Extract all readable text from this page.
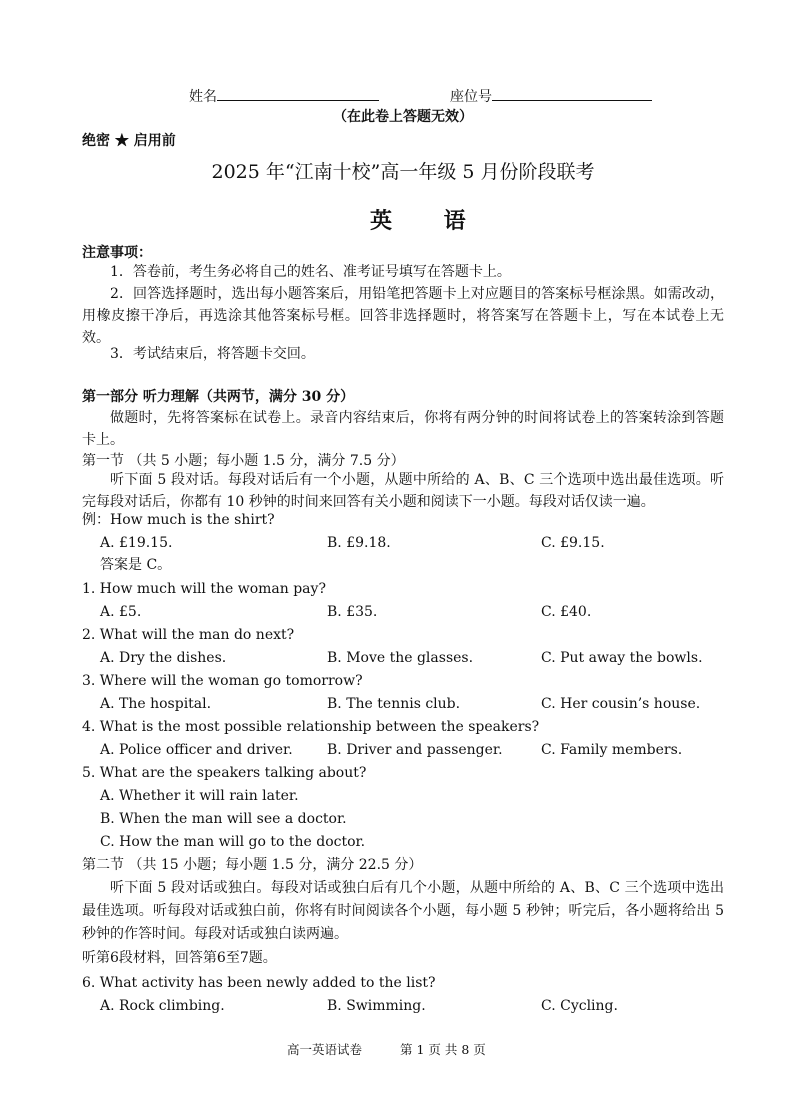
姓名	座位号
（在此卷上答题无效）
绝密 ★ 启用前
2025 年“江南十校”高一年级 5 月份阶段联考
英 语
注意事项：
1．答卷前，考生务必将自己的姓名、准考证号填写在答题卡上。
2．回答选择题时，选出每小题答案后，用铅笔把答题卡上对应题目的答案标号框涂黑。如需改动，用橡皮擦干净后，再选涂其他答案标号框。回答非选择题时，将答案写在答题卡上，写在本试卷上无效。
3．考试结束后，将答题卡交回。
第一部分 听力理解（共两节，满分 30 分）
做题时，先将答案标在试卷上。录音内容结束后，你将有两分钟的时间将试卷上的答案转涂到答题卡上。
第一节 （共 5 小题；每小题 1.5 分，满分 7.5 分）
听下面 5 段对话。每段对话后有一个小题，从题中所给的 A、B、C 三个选项中选出最佳选项。听完每段对话后，你都有 10 秒钟的时间来回答有关小题和阅读下一小题。每段对话仅读一遍。
例：How much is the shirt?
A. £19.15.	B. £9.18.	C. £9.15.
答案是 C。
1. How much will the woman pay?
A. £5.	B. £35.	C. £40.
2. What will the man do next?
A. Dry the dishes.	B. Move the glasses.	C. Put away the bowls.
3. Where will the woman go tomorrow?
A. The hospital.	B. The tennis club.	C. Her cousin’s house.
4. What is the most possible relationship between the speakers?
A. Police officer and driver. B. Driver and passenger.	C. Family members.
5. What are the speakers talking about?
A. Whether it will rain later.
B. When the man will see a doctor.
C. How the man will go to the doctor.
第二节 （共 15 小题；每小题 1.5 分，满分 22.5 分）
听下面 5 段对话或独白。每段对话或独白后有几个小题，从题中所给的 A、B、C 三个选项中选出最佳选项。听每段对话或独白前，你将有时间阅读各个小题，每小题 5 秒钟；听完后，各小题将给出 5 秒钟的作答时间。每段对话或独白读两遍。
听第6段材料，回答第6至7题。
6. What activity has been newly added to the list?
A. Rock climbing.	B. Swimming.	C. Cycling.
高一英语试卷	第 1 页 共 8 页
